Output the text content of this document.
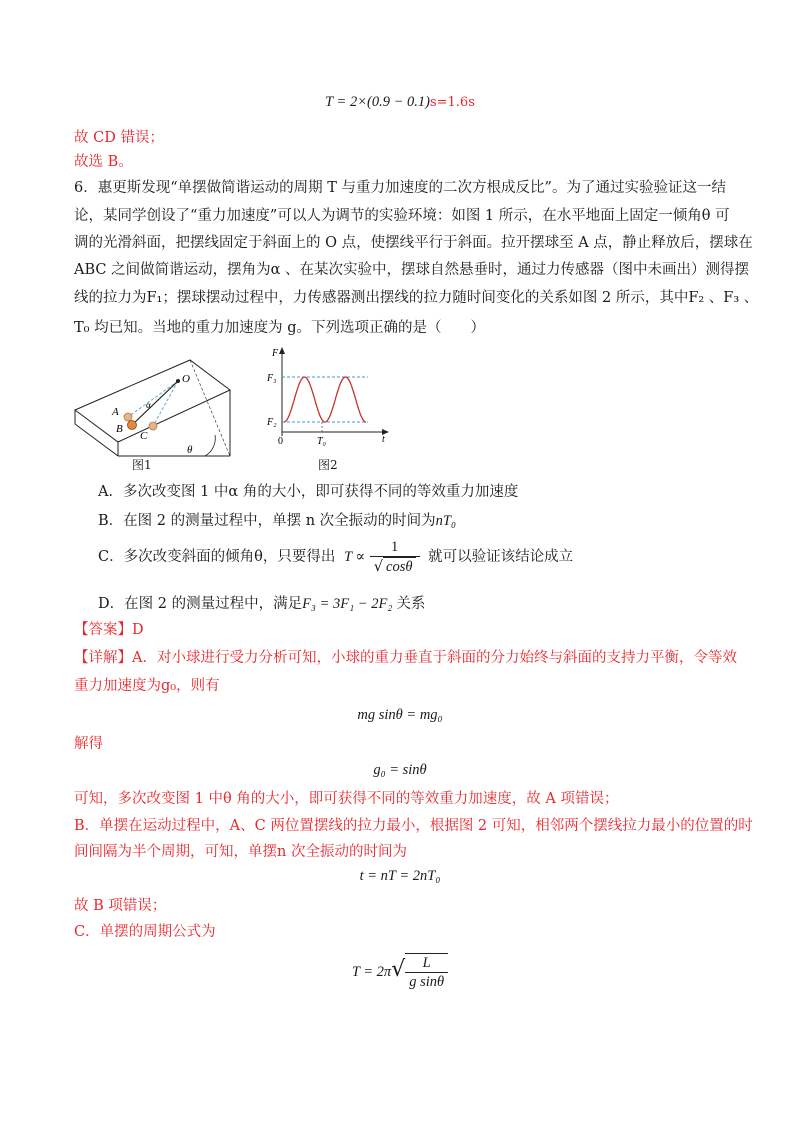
T = 2×(0.9 − 0.1)s=1.6s
故 CD 错误；
故选 B。
6．惠更斯发现“单摆做简谐运动的周期 T 与重力加速度的二次方根成反比”。为了通过实验验证这一结
论，某同学创设了“重力加速度”可以人为调节的实验环境：如图 1 所示，在水平地面上固定一倾角θ 可
调的光滑斜面，把摆线固定于斜面上的 O 点，使摆线平行于斜面。拉开摆球至 A 点，静止释放后，摆球在
ABC 之间做简谐运动，摆角为α 、在某次实验中，摆球自然悬垂时，通过力传感器（图中未画出）测得摆
线的拉力为F₁；摆球摆动过程中，力传感器测出摆线的拉力随时间变化的关系如图 2 所示，其中F₂ 、F₃ 、
T₀ 均已知。当地的重力加速度为 g。下列选项正确的是（　　）
O
A
B
C
α
θ
图1
F
t
F₃
F₂
0	T₀
图2
A．多次改变图 1 中α 角的大小，即可获得不同的等效重力加速度
B．在图 2 的测量过程中，单摆 n 次全振动的时间为nT₀
C．多次改变斜面的倾角θ，只要得出 $T \propto \frac{1}{√ \cos\theta}$ 就可以验证该结论成立
D．在图 2 的测量过程中，满足F₃ = 3F₁ − 2F₂ 关系
【答案】D
【详解】A．对小球进行受力分析可知，小球的重力垂直于斜面的分力始终与斜面的支持力平衡，令等效
重力加速度为g₀，则有
mg sinθ = mg₀
解得
g₀ = sinθ
可知，多次改变图 1 中θ 角的大小，即可获得不同的等效重力加速度，故 A 项错误；
B．单摆在运动过程中，A、C 两位置摆线的拉力最小，根据图 2 可知，相邻两个摆线拉力最小的位置的时
间间隔为半个周期，可知，单摆n 次全振动的时间为
t = nT = 2nT₀
故 B 项错误；
C．单摆的周期公式为
$T = 2\pi√ \frac{L}{\text{g sinθ}}$
